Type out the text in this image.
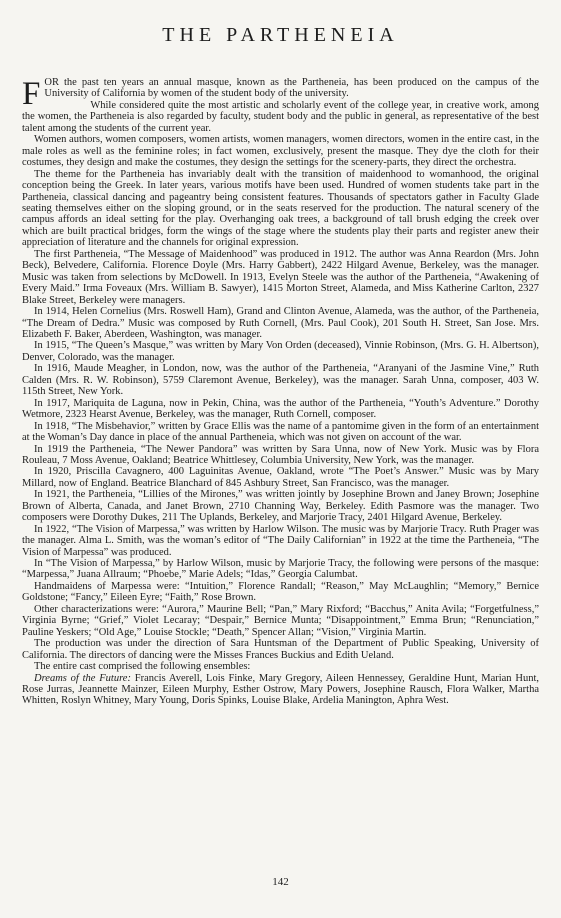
THE PARTHENEIA

FOR the past ten years an annual masque, known as the Partheneia, has been produced on the campus of the University of California by women of the student body of the university.

While considered quite the most artistic and scholarly event of the college year, in creative work, among the women, the Partheneia is also regarded by faculty, student body and the public in general, as representative of the best talent among the students of the current year.

Women authors, women composers, women artists, women managers, women directors, women in the entire cast, in the male roles as well as the feminine roles; in fact women, exclusively, present the masque. They dye the cloth for their costumes, they design and make the costumes, they design the settings for the scenery-parts, they direct the orchestra.

The theme for the Partheneia has invariably dealt with the transition of maidenhood to womanhood, the original conception being the Greek. In later years, various motifs have been used. Hundred of women students take part in the Partheneia, classical dancing and pageantry being consistent features. Thousands of spectators gather in Faculty Glade seating themselves either on the sloping ground, or in the seats reserved for the production. The natural scenery of the campus affords an ideal setting for the play. Overhanging oak trees, a background of tall brush edging the creek over which are built practical bridges, form the wings of the stage where the students play their parts and register anew their appreciation of literature and the channels for original expression.

The first Partheneia, “The Message of Maidenhood” was produced in 1912. The author was Anna Reardon (Mrs. John Beck), Belvedere, California. Florence Doyle (Mrs. Harry Gabbert), 2422 Hilgard Avenue, Berkeley, was the manager. Music was taken from selections by McDowell. In 1913, Evelyn Steele was the author of the Partheneia, “Awakening of Every Maid.” Irma Foveaux (Mrs. William B. Sawyer), 1415 Morton Street, Alameda, and Miss Katherine Carlton, 2327 Blake Street, Berkeley were managers.

In 1914, Helen Cornelius (Mrs. Roswell Ham), Grand and Clinton Avenue, Alameda, was the author, of the Partheneia, “The Dream of Dedra.” Music was composed by Ruth Cornell, (Mrs. Paul Cook), 201 South H. Street, San Jose. Mrs. Elizabeth F. Baker, Aberdeen, Washington, was manager.

In 1915, “The Queen’s Masque,” was written by Mary Von Orden (deceased), Vinnie Robinson, (Mrs. G. H. Albertson), Denver, Colorado, was the manager.

In 1916, Maude Meagher, in London, now, was the author of the Partheneia, “Aranyani of the Jasmine Vine,” Ruth Calden (Mrs. R. W. Robinson), 5759 Claremont Avenue, Berkeley), was the manager. Sarah Unna, composer, 403 W. 115th Street, New York.

In 1917, Mariquita de Laguna, now in Pekin, China, was the author of the Partheneia, “Youth’s Adventure.” Dorothy Wetmore, 2323 Hearst Avenue, Berkeley, was the manager, Ruth Cornell, composer.

In 1918, “The Misbehavior,” written by Grace Ellis was the name of a pantomime given in the form of an entertainment at the Woman’s Day dance in place of the annual Partheneia, which was not given on account of the war.

In 1919 the Partheneia, “The Newer Pandora” was written by Sara Unna, now of New York. Music was by Flora Rouleau, 7 Moss Avenue, Oakland; Beatrice Whittlesey, Columbia University, New York, was the manager.

In 1920, Priscilla Cavagnero, 400 Laguinitas Avenue, Oakland, wrote “The Poet’s Answer.” Music was by Mary Millard, now of England. Beatrice Blanchard of 845 Ashbury Street, San Francisco, was the manager.

In 1921, the Partheneia, “Lillies of the Mirones,” was written jointly by Josephine Brown and Janey Brown; Josephine Brown of Alberta, Canada, and Janet Brown, 2710 Channing Way, Berkeley. Edith Pasmore was the manager. Two composers were Dorothy Dukes, 211 The Uplands, Berkeley, and Marjorie Tracy, 2401 Hilgard Avenue, Berkeley.

In 1922, “The Vision of Marpessa,” was written by Harlow Wilson. The music was by Marjorie Tracy. Ruth Prager was the manager. Alma L. Smith, was the woman’s editor of “The Daily Californian” in 1922 at the time the Partheneia, “The Vision of Marpessa” was produced.

In “The Vision of Marpessa,” by Harlow Wilson, music by Marjorie Tracy, the following were persons of the masque: “Marpessa,” Juana Allraum; “Phoebe,” Marie Adels; “Idas,” Georgia Calumbat.

Handmaidens of Marpessa were: “Intuition,” Florence Randall; “Reason,” May McLaughlin; “Memory,” Bernice Goldstone; “Fancy,” Eileen Eyre; “Faith,” Rose Brown.

Other characterizations were: “Aurora,” Maurine Bell; “Pan,” Mary Rixford; “Bacchus,” Anita Avila; “Forgetfulness,” Virginia Byrne; “Grief,” Violet Lecaray; “Despair,” Bernice Munta; “Disappointment,” Emma Brun; “Renunciation,” Pauline Yeskers; “Old Age,” Louise Stockle; “Death,” Spencer Allan; “Vision,” Virginia Martin.

The production was under the direction of Sara Huntsman of the Department of Public Speaking, University of California. The directors of dancing were the Misses Frances Buckius and Edith Ueland.

The entire cast comprised the following ensembles:

Dreams of the Future: Francis Averell, Lois Finke, Mary Gregory, Aileen Hennessey, Geraldine Hunt, Marian Hunt, Rose Jurras, Jeannette Mainzer, Eileen Murphy, Esther Ostrow, Mary Powers, Josephine Rausch, Flora Walker, Martha Whitten, Roslyn Whitney, Mary Young, Doris Spinks, Louise Blake, Ardelia Manington, Aphra West.

142
